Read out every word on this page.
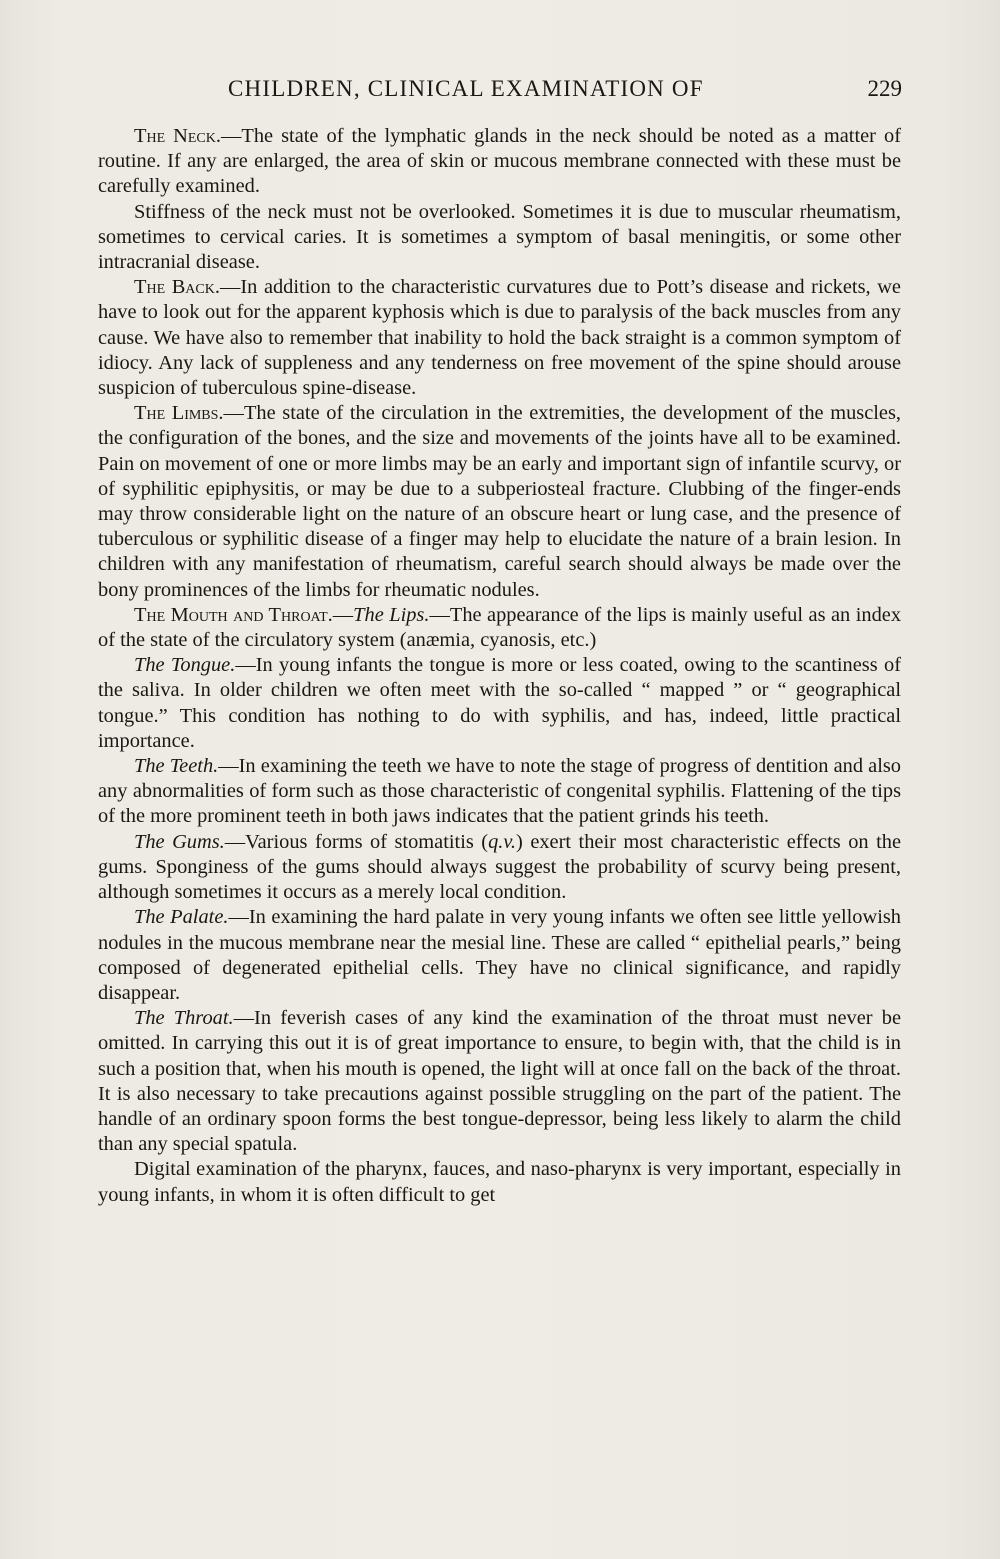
CHILDREN, CLINICAL EXAMINATION OF	229

The Neck.—The state of the lymphatic glands in the neck should be noted as a matter of routine. If any are enlarged, the area of skin or mucous membrane connected with these must be carefully examined.

Stiffness of the neck must not be overlooked. Sometimes it is due to muscular rheumatism, sometimes to cervical caries. It is sometimes a symptom of basal meningitis, or some other intracranial disease.

The Back.—In addition to the characteristic curvatures due to Pott’s disease and rickets, we have to look out for the apparent kyphosis which is due to paralysis of the back muscles from any cause. We have also to remember that inability to hold the back straight is a common symptom of idiocy. Any lack of suppleness and any tenderness on free movement of the spine should arouse suspicion of tuberculous spine-disease.

The Limbs.—The state of the circulation in the extremities, the development of the muscles, the configuration of the bones, and the size and movements of the joints have all to be examined. Pain on movement of one or more limbs may be an early and important sign of infantile scurvy, or of syphilitic epiphysitis, or may be due to a subperiosteal fracture. Clubbing of the finger-ends may throw considerable light on the nature of an obscure heart or lung case, and the presence of tuberculous or syphilitic disease of a finger may help to elucidate the nature of a brain lesion. In children with any manifestation of rheumatism, careful search should always be made over the bony prominences of the limbs for rheumatic nodules.

The Mouth and Throat.—The Lips.—The appearance of the lips is mainly useful as an index of the state of the circulatory system (anæmia, cyanosis, etc.)

The Tongue.—In young infants the tongue is more or less coated, owing to the scantiness of the saliva. In older children we often meet with the so-called “ mapped ” or “ geographical tongue.” This condition has nothing to do with syphilis, and has, indeed, little practical importance.

The Teeth.—In examining the teeth we have to note the stage of progress of dentition and also any abnormalities of form such as those characteristic of congenital syphilis. Flattening of the tips of the more prominent teeth in both jaws indicates that the patient grinds his teeth.

The Gums.—Various forms of stomatitis (q.v.) exert their most characteristic effects on the gums. Sponginess of the gums should always suggest the probability of scurvy being present, although sometimes it occurs as a merely local condition.

The Palate.—In examining the hard palate in very young infants we often see little yellowish nodules in the mucous membrane near the mesial line. These are called “ epithelial pearls,” being composed of degenerated epithelial cells. They have no clinical significance, and rapidly disappear.

The Throat.—In feverish cases of any kind the examination of the throat must never be omitted. In carrying this out it is of great importance to ensure, to begin with, that the child is in such a position that, when his mouth is opened, the light will at once fall on the back of the throat. It is also necessary to take precautions against possible struggling on the part of the patient. The handle of an ordinary spoon forms the best tongue-depressor, being less likely to alarm the child than any special spatula.

Digital examination of the pharynx, fauces, and naso-pharynx is very important, especially in young infants, in whom it is often difficult to get
